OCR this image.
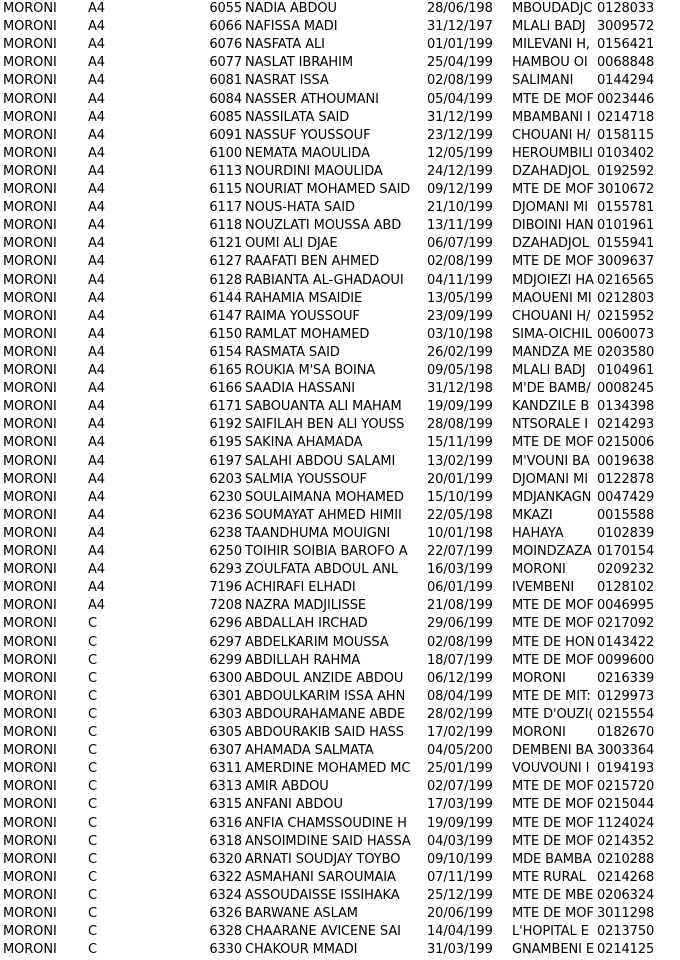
MORONI	A4	6055 NADIA ABDOU	28/06/198	MBOUDADJC 0128033
MORONI	A4	6066 NAFISSA MADI	31/12/197	MLALI BADJ 3009572
MORONI	A4	6076 NASFATA ALI	01/01/199	MILEVANI H, 0156421
MORONI	A4	6077 NASLAT IBRAHIM	25/04/199	HAMBOU OI 0068848
MORONI	A4	6081 NASRAT ISSA	02/08/199	SALIMANI	0144294
MORONI	A4	6084 NASSER ATHOUMANI	05/04/199	MTE DE MOF 0023446
MORONI	A4	6085 NASSILATA SAID	31/12/199	MBAMBANI I 0214718
MORONI	A4	6091 NASSUF YOUSSOUF	23/12/199	CHOUANI H/ 0158115
MORONI	A4	6100 NEMATA MAOULIDA	12/05/199	HEROUMBILI 0103402
MORONI	A4	6113 NOURDINI MAOULIDA	24/12/199	DZAHADJOL 0192592
MORONI	A4	6115 NOURIAT MOHAMED SAID	09/12/199	MTE DE MOF 3010672
MORONI	A4	6117 NOUS-HATA SAID	21/10/199	DJOMANI MI 0155781
MORONI	A4	6118 NOUZLATI MOUSSA ABD	13/11/199	DIBOINI HAN 0101961
MORONI	A4	6121 OUMI ALI DJAE	06/07/199	DZAHADJOL 0155941
MORONI	A4	6127 RAAFATI BEN AHMED	02/08/199	MTE DE MOF 3009637
MORONI	A4	6128 RABIANTA AL-GHADAOUI	04/11/199	MDJOIEZI HA 0216565
MORONI	A4	6144 RAHAMIA MSAIDIE	13/05/199	MAOUENI MI 0212803
MORONI	A4	6147 RAIMA YOUSSOUF	23/09/199	CHOUANI H/ 0215952
MORONI	A4	6150 RAMLAT MOHAMED	03/10/198	SIMA-OICHIL 0060073
MORONI	A4	6154 RASMATA SAID	26/02/199	MANDZA ME 0203580
MORONI	A4	6165 ROUKIA M'SA BOINA	09/05/198	MLALI BADJ 0104961
MORONI	A4	6166 SAADIA HASSANI	31/12/198	M'DE BAMB/ 0008245
MORONI	A4	6171 SABOUANTA ALI MAHAM	19/09/199	KANDZILE B 0134398
MORONI	A4	6192 SAIFILAH BEN ALI YOUSS	28/08/199	NTSORALE I 0214293
MORONI	A4	6195 SAKINA AHAMADA	15/11/199	MTE DE MOF 0215006
MORONI	A4	6197 SALAHI ABDOU SALAMI	13/02/199	M'VOUNI BA 0019638
MORONI	A4	6203 SALMIA YOUSSOUF	20/01/199	DJOMANI MI 0122878
MORONI	A4	6230 SOULAIMANA MOHAMED	15/10/199	MDJANKAGN 0047429
MORONI	A4	6236 SOUMAYAT AHMED HIMII	22/05/198	MKAZI	0015588
MORONI	A4	6238 TAANDHUMA MOUIGNI	10/01/198	HAHAYA	0102839
MORONI	A4	6250 TOIHIR SOIBIA BAROFO A	22/07/199	MOINDZAZA 0170154
MORONI	A4	6293 ZOULFATA ABDOUL ANL	16/03/199	MORONI	0209232
MORONI	A4	7196 ACHIRAFI ELHADI	06/01/199	IVEMBENI	0128102
MORONI	A4	7208 NAZRA MADJILISSE	21/08/199	MTE DE MOF 0046995
MORONI	C	6296 ABDALLAH IRCHAD	29/06/199	MTE DE MOF 0217092
MORONI	C	6297 ABDELKARIM MOUSSA	02/08/199	MTE DE HON 0143422
MORONI	C	6299 ABDILLAH RAHMA	18/07/199	MTE DE MOF 0099600
MORONI	C	6300 ABDOUL ANZIDE ABDOU	06/12/199	MORONI	0216339
MORONI	C	6301 ABDOULKARIM ISSA AHN	08/04/199	MTE DE MIT: 0129973
MORONI	C	6303 ABDOURAHAMANE ABDE	28/02/199	MTE D'OUZI( 0215554
MORONI	C	6305 ABDOURAKIB SAID HASS	17/02/199	MORONI	0182670
MORONI	C	6307 AHAMADA SALMATA	04/05/200	DEMBENI BA 3003364
MORONI	C	6311 AMERDINE MOHAMED MC	25/01/199	VOUVOUNI I 0194193
MORONI	C	6313 AMIR ABDOU	02/07/199	MTE DE MOF 0215720
MORONI	C	6315 ANFANI ABDOU	17/03/199	MTE DE MOF 0215044
MORONI	C	6316 ANFIA CHAMSSOUDINE H	19/09/199	MTE DE MOF 1124024
MORONI	C	6318 ANSOIMDINE SAID HASSA	04/03/199	MTE DE MOF 0214352
MORONI	C	6320 ARNATI SOUDJAY TOYBO	09/10/199	MDE BAMBA 0210288
MORONI	C	6322 ASMAHANI SAROUMAIA	07/11/199	MTE RURAL 0214268
MORONI	C	6324 ASSOUDAISSE ISSIHAKA	25/12/199	MTE DE MBE 0206324
MORONI	C	6326 BARWANE ASLAM	20/06/199	MTE DE MOF 3011298
MORONI	C	6328 CHAARANE AVICENE SAI	14/04/199	L'HOPITAL E 0213750
MORONI	C	6330 CHAKOUR MMADI	31/03/199	GNAMBENI E 0214125
